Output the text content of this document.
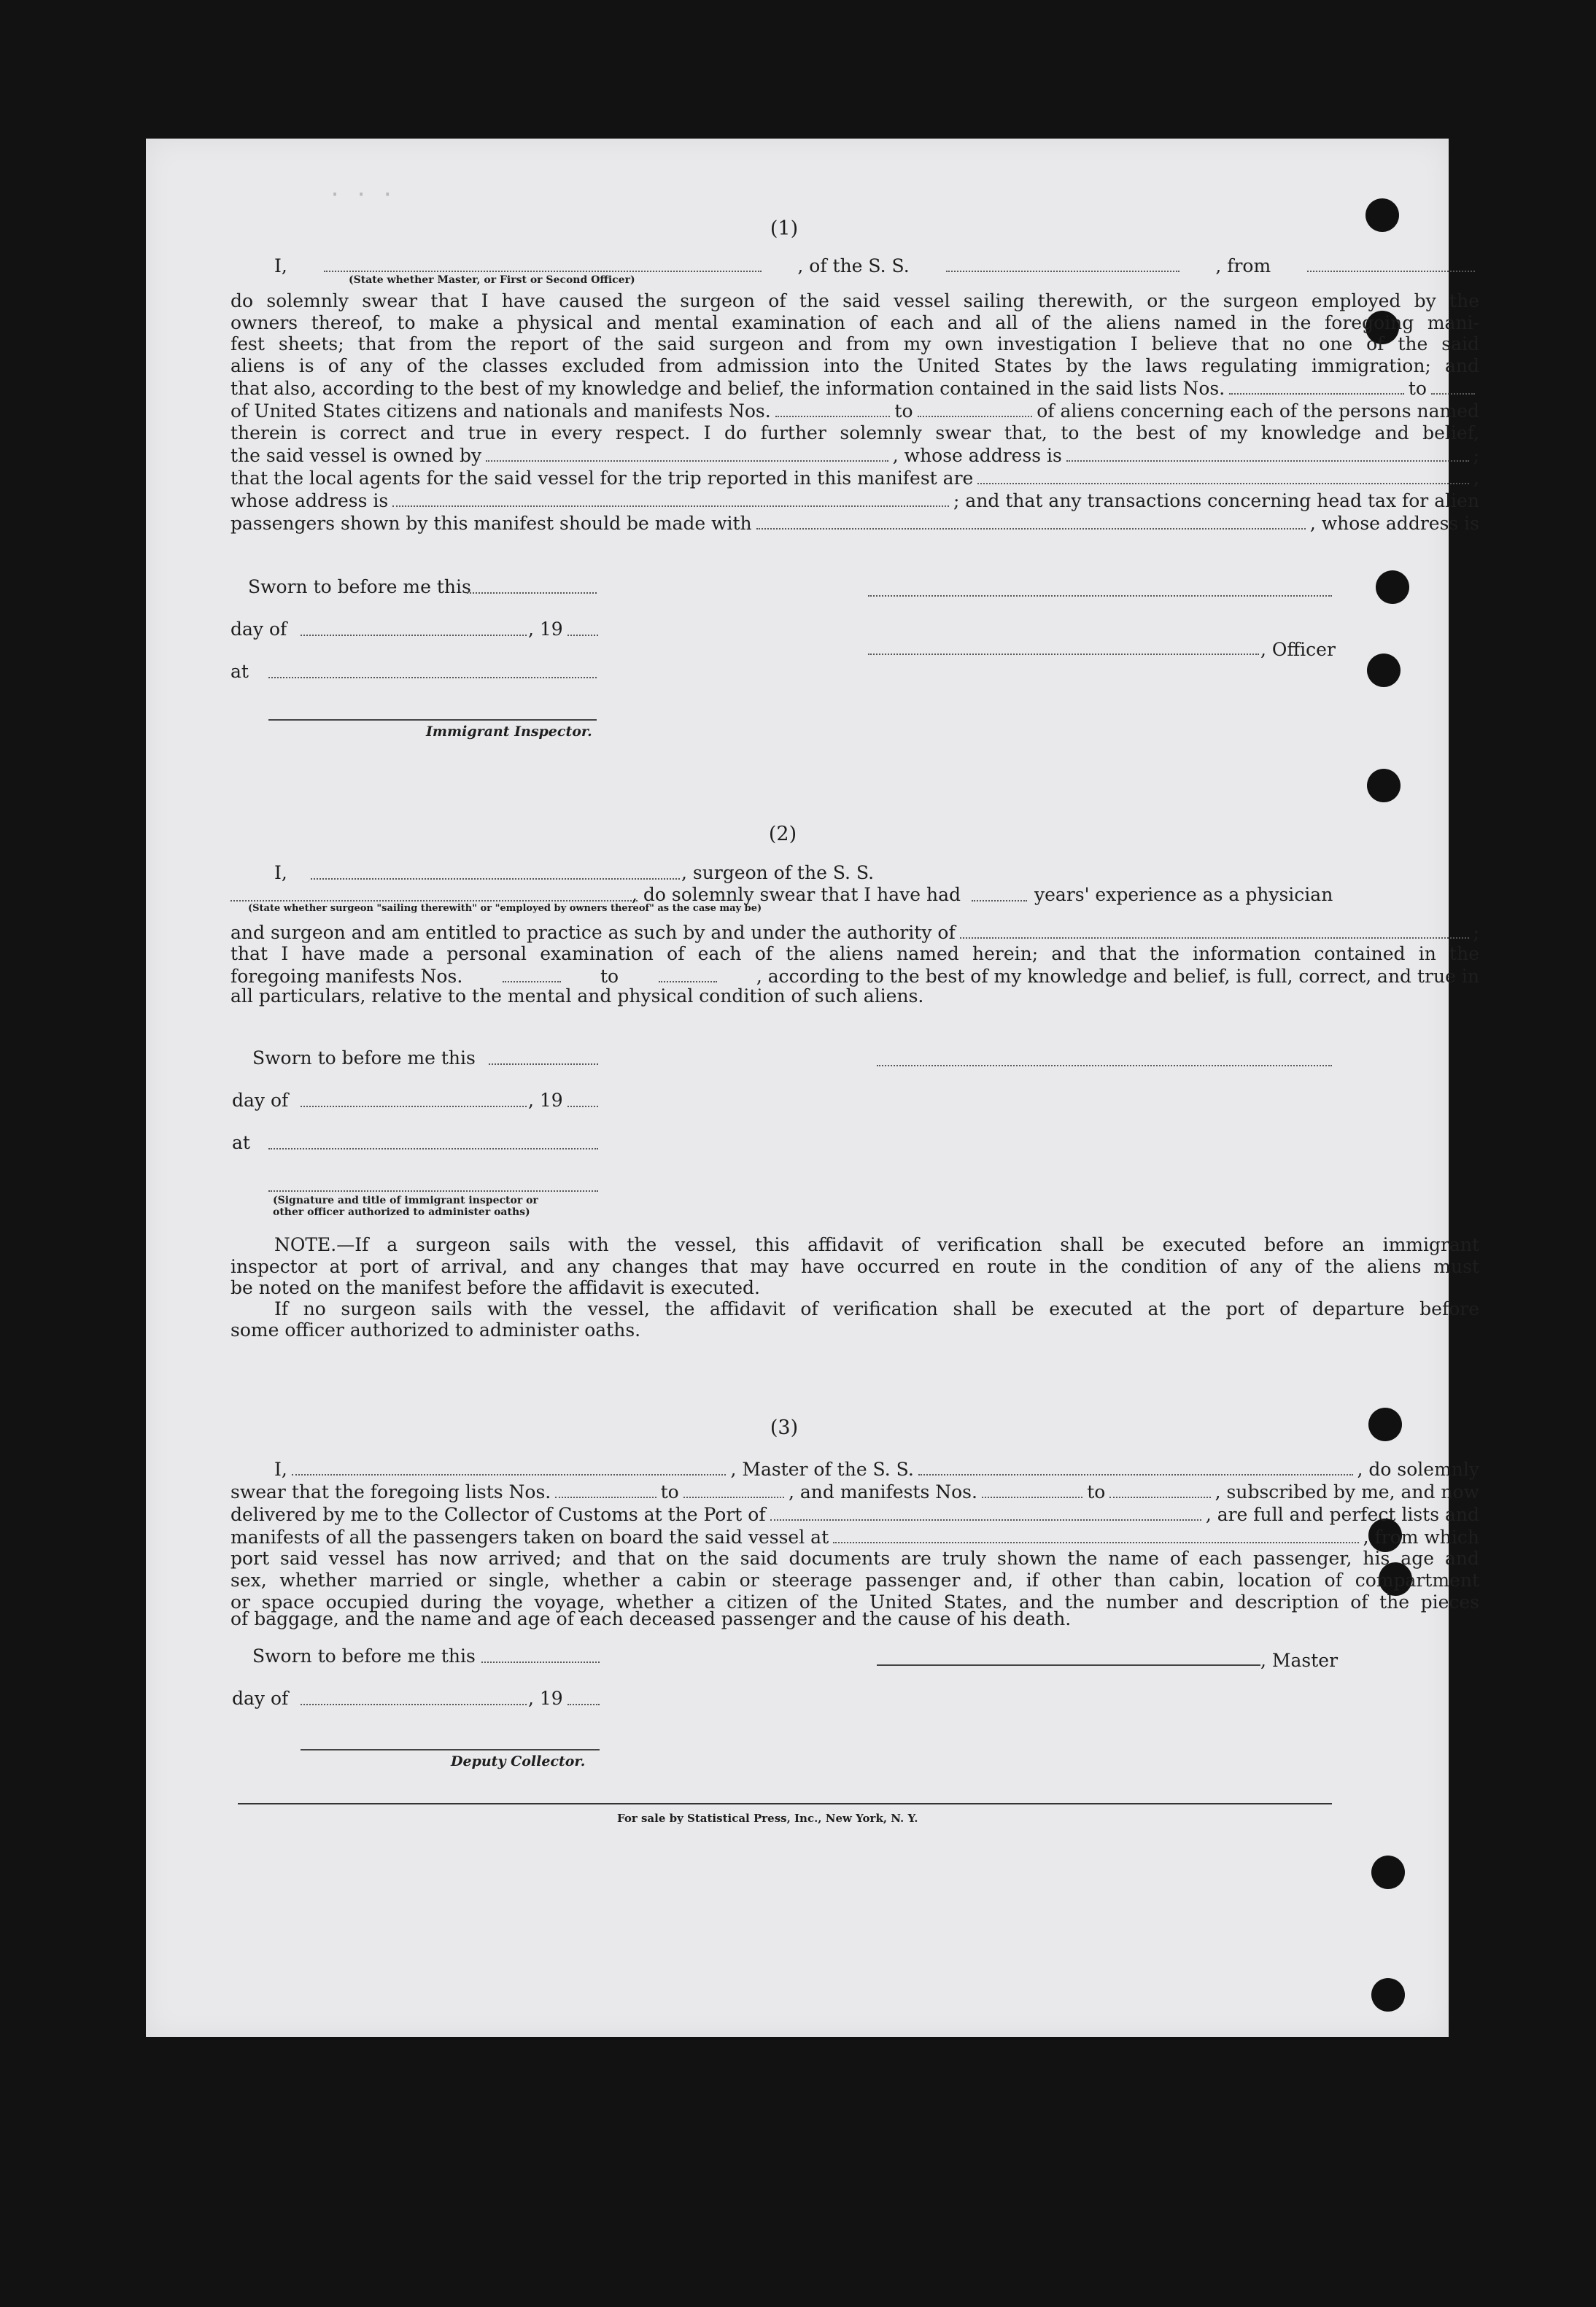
· · ·
(1)
I,	, of the S. S.	, from
(State whether Master, or First or Second Officer)
do solemnly swear that I have caused the surgeon of the said vessel sailing therewith, or the surgeon employed by the
owners thereof, to make a physical and mental examination of each and all of the aliens named in the foregoing mani-
fest sheets; that from the report of the said surgeon and from my own investigation I believe that no one of the said
aliens is of any of the classes excluded from admission into the United States by the laws regulating immigration; and
that also, according to the best of my knowledge and belief, the information contained in the said lists Nos.	to
of United States citizens and nationals and manifests Nos.	to	of aliens concerning each of the persons named
therein is correct and true in every respect. I do further solemnly swear that, to the best of my knowledge and belief,
the said vessel is owned by	, whose address is	;
that the local agents for the said vessel for the trip reported in this manifest are	,
whose address is	; and that any transactions concerning head tax for alien
passengers shown by this manifest should be made with	, whose address is
Sworn to before me this
day of	, 19
at
Immigrant Inspector.
, Officer
(2)
I,	, surgeon of the S. S.
, do solemnly swear that I have had	years' experience as a physician
(State whether surgeon "sailing therewith" or "employed by owners thereof" as the case may be)
and surgeon and am entitled to practice as such by and under the authority of	;
that I have made a personal examination of each of the aliens named herein; and that the information contained in the
foregoing manifests Nos.	to	, according to the best of my knowledge and belief, is full, correct, and true in
all particulars, relative to the mental and physical condition of such aliens.
Sworn to before me this
day of	, 19
at
(Signature and title of immigrant inspector or
other officer authorized to administer oaths)
NOTE.—If a surgeon sails with the vessel, this affidavit of verification shall be executed before an immigrant
inspector at port of arrival, and any changes that may have occurred en route in the condition of any of the aliens must
be noted on the manifest before the affidavit is executed.
If no surgeon sails with the vessel, the affidavit of verification shall be executed at the port of departure before
some officer authorized to administer oaths.
(3)
I,	, Master of the S. S.	, do solemnly
swear that the foregoing lists Nos.	to	, and manifests Nos.	to	, subscribed by me, and now
delivered by me to the Collector of Customs at the Port of	, are full and perfect lists and
manifests of all the passengers taken on board the said vessel at	, from which
port said vessel has now arrived; and that on the said documents are truly shown the name of each passenger, his age and
sex, whether married or single, whether a cabin or steerage passenger and, if other than cabin, location of compartment
or space occupied during the voyage, whether a citizen of the United States, and the number and description of the pieces
of baggage, and the name and age of each deceased passenger and the cause of his death.
Sworn to before me this	, Master
day of	, 19
Deputy Collector.
For sale by Statistical Press, Inc., New York, N. Y.
